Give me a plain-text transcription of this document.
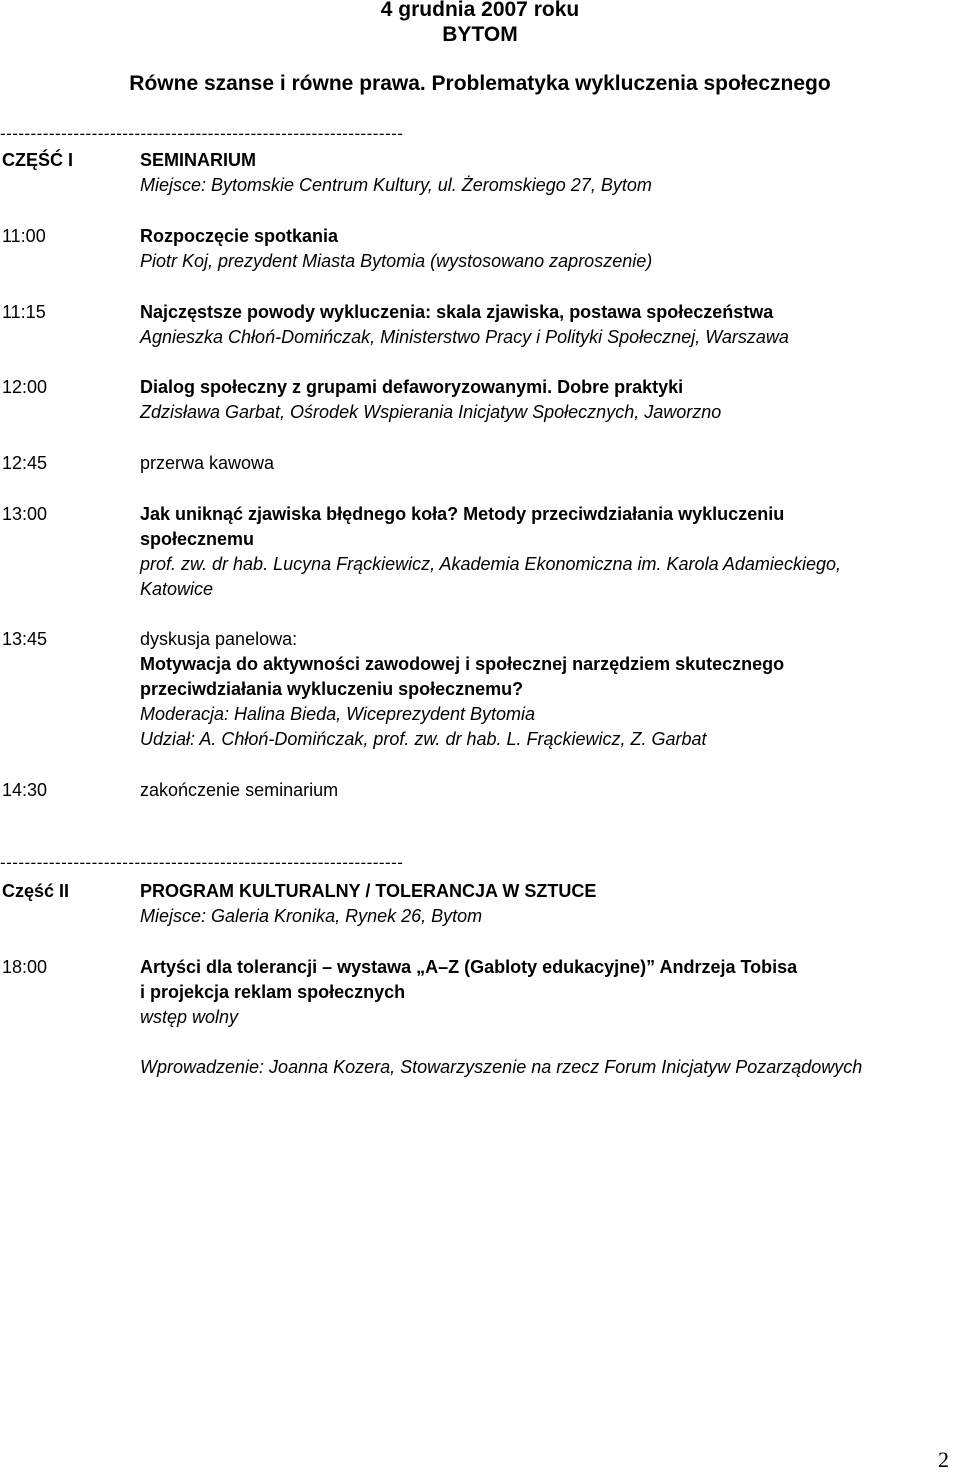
4 grudnia 2007 roku
BYTOM
Równe szanse i równe prawa. Problematyka wykluczenia społecznego
------------------------------------------------------------------
CZĘŚĆ I	SEMINARIUM
Miejsce: Bytomskie Centrum Kultury, ul. Żeromskiego 27, Bytom
11:00	Rozpoczęcie spotkania
Piotr Koj, prezydent Miasta Bytomia (wystosowano zaproszenie)
11:15	Najczęstsze powody wykluczenia: skala zjawiska, postawa społeczeństwa
Agnieszka Chłoń-Domińczak, Ministerstwo Pracy i Polityki Społecznej, Warszawa
12:00	Dialog społeczny z grupami defaworyzowanymi. Dobre praktyki
Zdzisława Garbat, Ośrodek Wspierania Inicjatyw Społecznych, Jaworzno
12:45	przerwa kawowa
13:00	Jak uniknąć zjawiska błędnego koła? Metody przeciwdziałania wykluczeniu
społecznemu
prof. zw. dr hab. Lucyna Frąckiewicz, Akademia Ekonomiczna im. Karola Adamieckiego,
Katowice
13:45	dyskusja panelowa:
Motywacja do aktywności zawodowej i społecznej narzędziem skutecznego
przeciwdziałania wykluczeniu społecznemu?
Moderacja: Halina Bieda, Wiceprezydent Bytomia
Udział: A. Chłoń-Domińczak, prof. zw. dr hab. L. Frąckiewicz, Z. Garbat
14:30	zakończenie seminarium
------------------------------------------------------------------
Część II	PROGRAM KULTURALNY / TOLERANCJA W SZTUCE
Miejsce: Galeria Kronika, Rynek 26, Bytom
18:00	Artyści dla tolerancji – wystawa „A–Z (Gabloty edukacyjne)” Andrzeja Tobisa
i projekcja reklam społecznych
wstęp wolny
Wprowadzenie: Joanna Kozera, Stowarzyszenie na rzecz Forum Inicjatyw Pozarządowych
2
